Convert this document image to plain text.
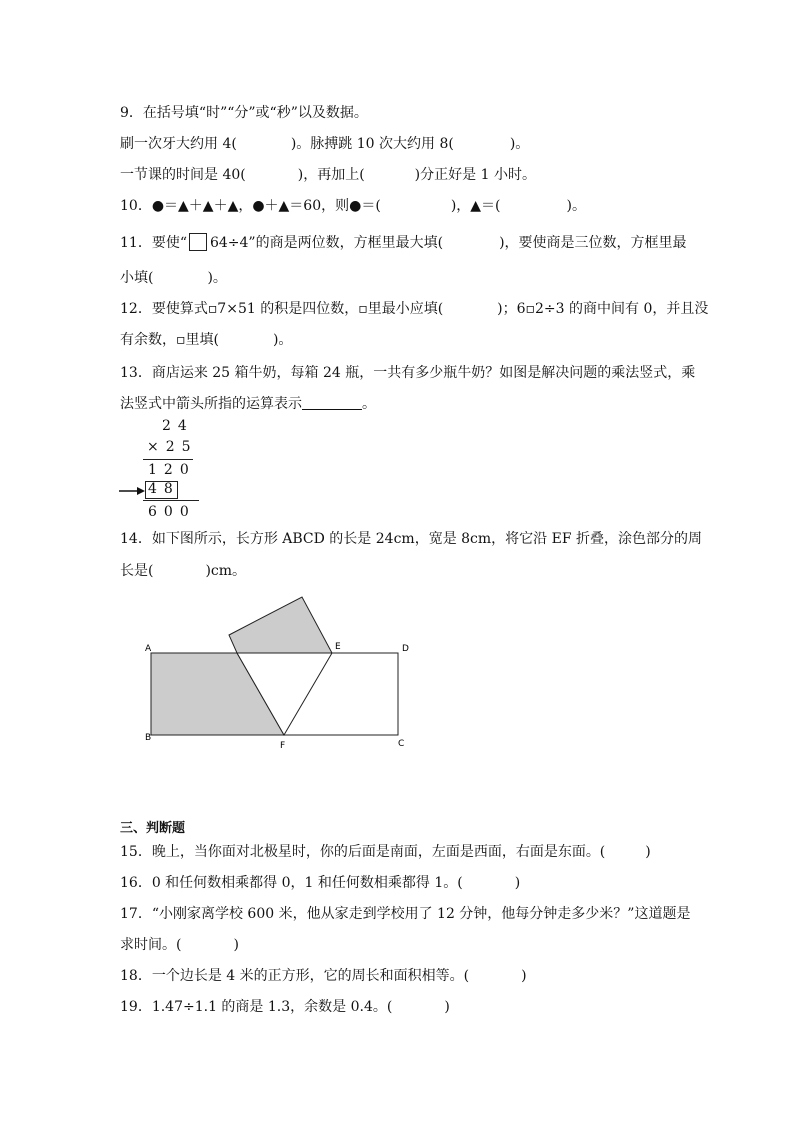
9．在括号填“时”“分”或“秒”以及数据。
刷一次牙大约用 4(	)。脉搏跳 10 次大约用 8(	)。
一节课的时间是 40(	)，再加上(	)分正好是 1 小时。
10．●＝▲＋▲＋▲，●＋▲＝60，则●＝(	)，▲＝(	)。
11．要使“ 64÷4”的商是两位数，方框里最大填(	)，要使商是三位数，方框里最
小填(	)。
12．要使算式▫7×51 的积是四位数，▫里最小应填(	)；6▫2÷3 的商中间有 0，并且没
有余数，▫里填(	)。
13．商店运来 25 箱牛奶，每箱 24 瓶，一共有多少瓶牛奶？如图是解决问题的乘法竖式，乘
法竖式中箭头所指的运算表示	。
24
×25
120
48
600
14．如下图所示，长方形 ABCD 的长是 24cm，宽是 8cm，将它沿 EF 折叠，涂色部分的周
长是(	)cm。
A
B
C
D
E
F
三、判断题
15．晚上，当你面对北极星时，你的后面是南面，左面是西面，右面是东面。(	)
16．0 和任何数相乘都得 0，1 和任何数相乘都得 1。(	)
17．“小刚家离学校 600 米，他从家走到学校用了 12 分钟，他每分钟走多少米？”这道题是
求时间。(	)
18．一个边长是 4 米的正方形，它的周长和面积相等。(	)
19．1.47÷1.1 的商是 1.3，余数是 0.4。(	)
